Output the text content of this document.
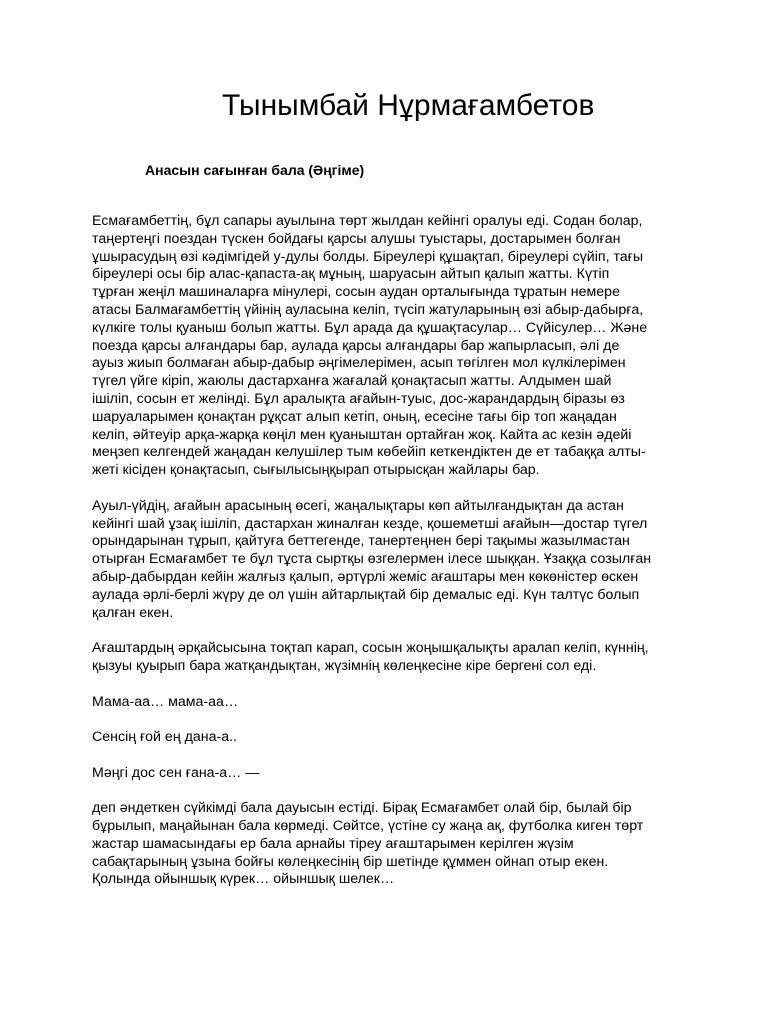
Тынымбай Нұрмағамбетов
Анасын сағынған бала (Әңгіме)

Есмағамбеттің, бұл сапары ауылына төрт жылдан кейінгі оралуы еді. Содан болар, таңертеңгі поездан түскен бойдағы қарсы алушы туыстары, достарымен болған ұшырасудың өзі кәдімгідей у-дулы болды. Біреулері құшақтап, біреулері сүйіп, тағы біреулері осы бір алас-қапаста-ақ мұның, шаруасын айтып қалып жатты. Күтіп тұрған жеңіл машиналарға мінулері, сосын аудан орталығында тұратын немере атасы Балмағамбеттің үйінің ауласына келіп, түсіп жатуларының өзі абыр-дабырға, күлкіге толы қуаныш болып жатты. Бұл арада да құшақтасулар… Сүйісулер… Және поезда қарсы алғандары бар, аулада қарсы алғандары бар жапырласып, әлі де ауыз жиып болмаған абыр-дабыр әңгімелерімен, асып төгілген мол күлкілерімен түгел үйге кіріп, жаюлы дастарханға жағалай қонақтасып жатты. Алдымен шай ішіліп, сосын ет желінді. Бұл аралықта ағайын-туыс, дос-жарандардың біразы өз шаруаларымен қонақтан рұқсат алып кетіп, оның, есесіне тағы бір топ жаңадан келіп, әйтеуір арқа-жарқа көңіл мен қуаныштан ортайған жоқ. Кайта ас кезін әдейі меңзеп келгендей жаңадан келушілер тым көбейіп кеткендіктен де ет табаққа алты-жеті кісіден қонақтасып, сығылысыңқырап отырысқан жайлары бар.

Ауыл-үйдің, ағайын арасының өсегі, жаңалықтары көп айтылғандықтан да астан кейінгі шай ұзақ ішіліп, дастархан жиналған кезде, қошеметші ағайын—достар түгел орындарынан тұрып, қайтуға беттегенде, танертеңнен бері тақымы жазылмастан отырған Есмағамбет те бұл тұста сыртқы өзгелермен ілесе шыққан. Ұзаққа созылған абыр-дабырдан кейін жалғыз қалып, әртүрлі жеміс ағаштары мен көкөністер өскен аулада әрлі-берлі жүру де ол үшін айтарлықтай бір демалыс еді. Күн талтүс болып қалған екен.

Ағаштардың әрқайсысына тоқтап карап, сосын жоңышқалықты аралап келіп, күннің, қызуы қуырып бара жатқандықтан, жүзімнің көлеңкесіне кіре бергені сол еді.

Мама-аа… мама-аа…

Сенсің ғой ең дана-а..

Мәңгі дос сен ғана-а… —

деп әндеткен сүйкімді бала дауысын естіді. Бірақ Есмағамбет олай бір, былай бір бұрылып, маңайынан бала көрмеді. Сөйтсе, үстіне су жаңа ақ, футболка киген төрт жастар шамасындағы ер бала арнайы тіреу ағаштарымен керілген жүзім сабақтарының ұзына бойғы көлеңкесінің бір шетінде құммен ойнап отыр екен. Қолында ойыншық күрек… ойыншық шелек…
